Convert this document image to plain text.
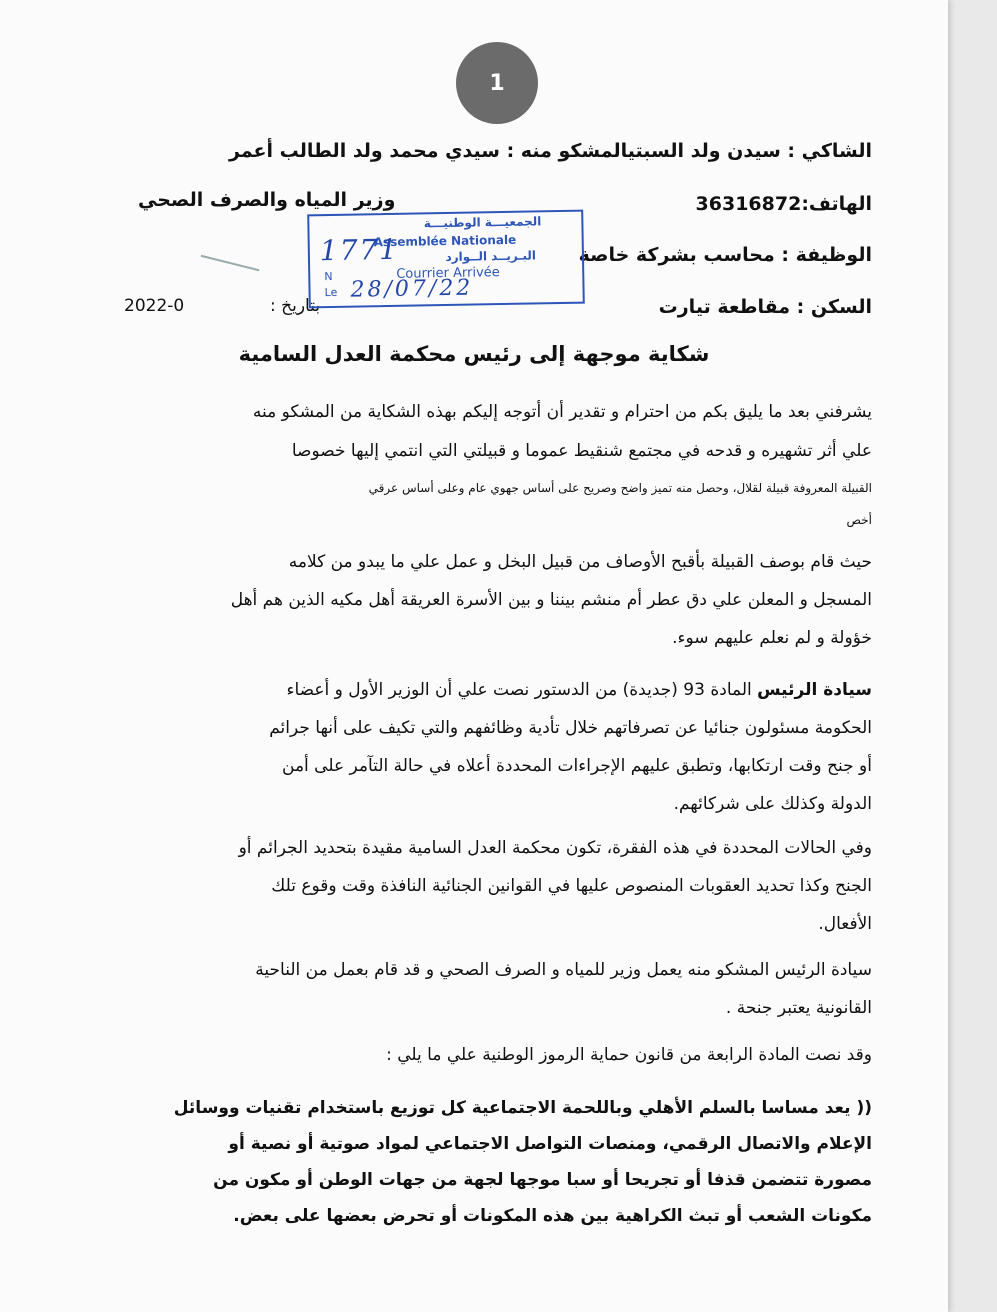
1
الشاكي : سيدن ولد السبتيالمشكو منه : سيدي محمد ولد الطالب أعمر
الهاتف:36316872
وزير المياه والصرف الصحي
الوظيفة : محاسب بشركة خاصة
السكن : مقاطعة تيارت
بتاريخ :
2022-0
الجمعيـــة الوطنيـــة
Assemblée Nationale
البـريــد الــوارد
Courrier Arrivée
N
Le
1771
28/07/22
شكاية موجهة إلى رئيس محكمة العدل السامية
يشرفني بعد ما يليق بكم من احترام و تقدير أن أتوجه إليكم بهذه الشكاية من المشكو منه
علي أثر تشهيره و قدحه في مجتمع شنقيط عموما و قبيلتي التي انتمي إليها خصوصا
القبيلة المعروفة قبيلة لقلال، وحصل منه تميز واضح وصريح على أساس جهوي عام وعلى أساس عرقي
أخص
حيث قام بوصف القبيلة بأقبح الأوصاف من قبيل البخل و عمل علي ما يبدو من كلامه
المسجل و المعلن علي دق عطر أم منشم بيننا و بين الأسرة العريقة أهل مكيه الذين هم أهل
خؤولة و لم نعلم عليهم سوء.
سيادة الرئيس المادة 93 (جديدة) من الدستور نصت علي أن الوزير الأول و أعضاء
الحكومة مسئولون جنائيا عن تصرفاتهم خلال تأدية وظائفهم والتي تكيف على أنها جرائم
أو جنح وقت ارتكابها، وتطبق عليهم الإجراءات المحددة أعلاه في حالة التآمر على أمن
الدولة وكذلك على شركائهم.
وفي الحالات المحددة في هذه الفقرة، تكون محكمة العدل السامية مقيدة بتحديد الجرائم أو
الجنح وكذا تحديد العقوبات المنصوص عليها في القوانين الجنائية النافذة وقت وقوع تلك
الأفعال.
سيادة الرئيس المشكو منه يعمل وزير للمياه و الصرف الصحي و قد قام بعمل من الناحية
القانونية يعتبر جنحة .
وقد نصت المادة الرابعة من قانون حماية الرموز الوطنية علي ما يلي :
(( يعد مساسا بالسلم الأهلي وباللحمة الاجتماعية كل توزيع باستخدام تقنيات ووسائل
الإعلام والاتصال الرقمي، ومنصات التواصل الاجتماعي لمواد صوتية أو نصية أو
مصورة تتضمن قذفا أو تجريحا أو سبا موجها لجهة من جهات الوطن أو مكون من
مكونات الشعب أو تبث الكراهية بين هذه المكونات أو تحرض بعضها على بعض.
